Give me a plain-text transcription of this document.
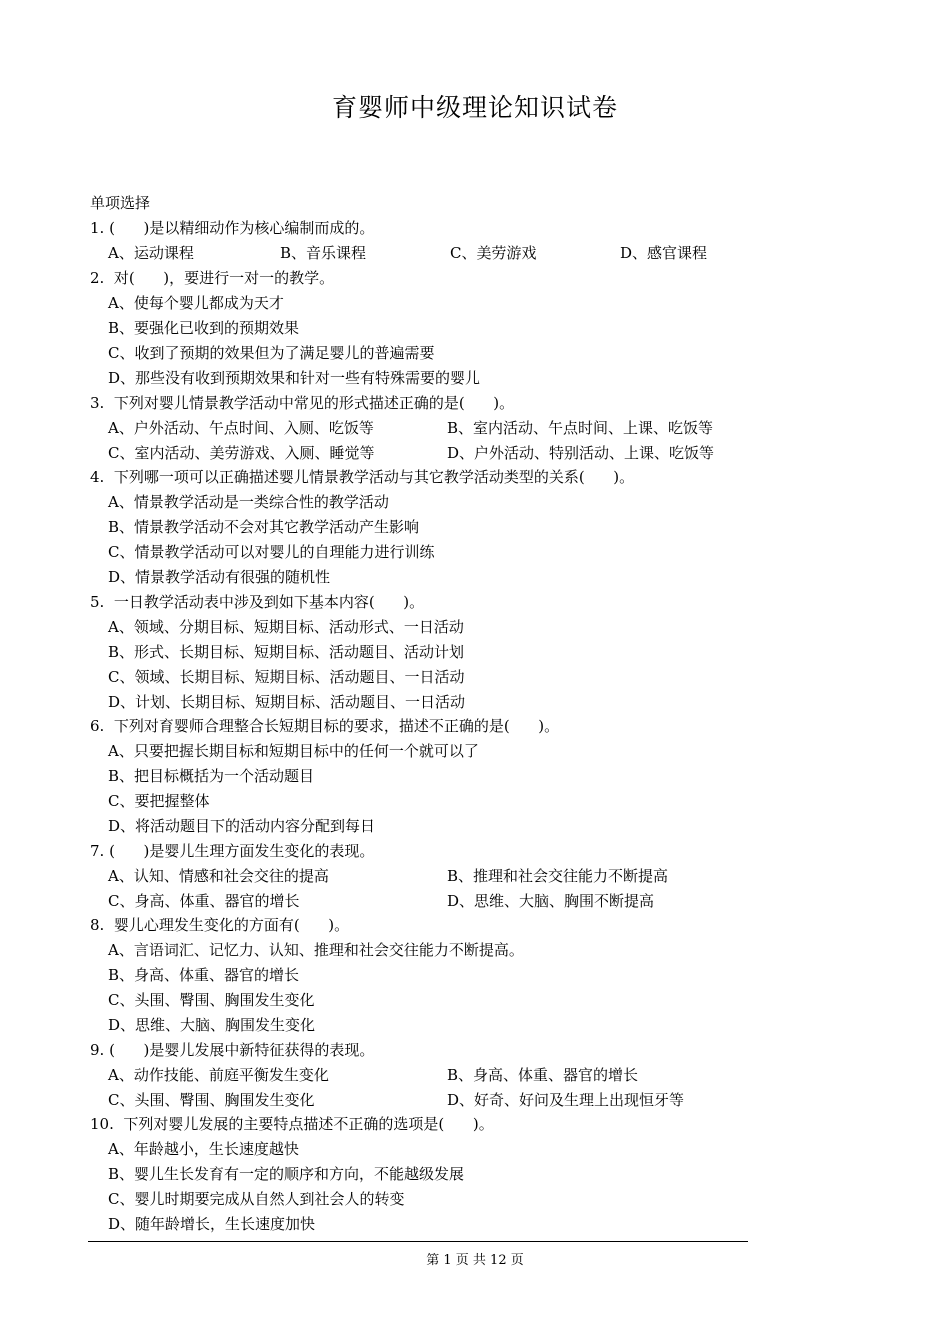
育婴师中级理论知识试卷
单项选择
1. (      )是以精细动作为核心编制而成的。
A、运动课程	B、音乐课程	C、美劳游戏	D、感官课程
2.  对(      )，要进行一对一的教学。
A、使每个婴儿都成为天才
B、要强化已收到的预期效果
C、收到了预期的效果但为了满足婴儿的普遍需要
D、那些没有收到预期效果和针对一些有特殊需要的婴儿
3.  下列对婴儿情景教学活动中常见的形式描述正确的是(      )。
A、户外活动、午点时间、入厕、吃饭等	B、室内活动、午点时间、上课、吃饭等
C、室内活动、美劳游戏、入厕、睡觉等	D、户外活动、特别活动、上课、吃饭等
4.  下列哪一项可以正确描述婴儿情景教学活动与其它教学活动类型的关系(      )。
A、情景教学活动是一类综合性的教学活动
B、情景教学活动不会对其它教学活动产生影响
C、情景教学活动可以对婴儿的自理能力进行训练
D、情景教学活动有很强的随机性
5.  一日教学活动表中涉及到如下基本内容(      )。
A、领域、分期目标、短期目标、活动形式、一日活动
B、形式、长期目标、短期目标、活动题目、活动计划
C、领域、长期目标、短期目标、活动题目、一日活动
D、计划、长期目标、短期目标、活动题目、一日活动
6.  下列对育婴师合理整合长短期目标的要求，描述不正确的是(      )。
A、只要把握长期目标和短期目标中的任何一个就可以了
B、把目标概括为一个活动题目
C、要把握整体
D、将活动题目下的活动内容分配到每日
7. (      )是婴儿生理方面发生变化的表现。
A、认知、情感和社会交往的提高	B、推理和社会交往能力不断提高
C、身高、体重、器官的增长	D、思维、大脑、胸围不断提高
8.  婴儿心理发生变化的方面有(      )。
A、言语词汇、记忆力、认知、推理和社会交往能力不断提高。
B、身高、体重、器官的增长
C、头围、臀围、胸围发生变化
D、思维、大脑、胸围发生变化
9. (      )是婴儿发展中新特征获得的表现。
A、动作技能、前庭平衡发生变化	B、身高、体重、器官的增长
C、头围、臀围、胸围发生变化	D、好奇、好问及生理上出现恒牙等
10.  下列对婴儿发展的主要特点描述不正确的选项是(      )。
A、年龄越小，生长速度越快
B、婴儿生长发育有一定的顺序和方向，不能越级发展
C、婴儿时期要完成从自然人到社会人的转变
D、随年龄增长，生长速度加快
第 1 页 共 12 页
